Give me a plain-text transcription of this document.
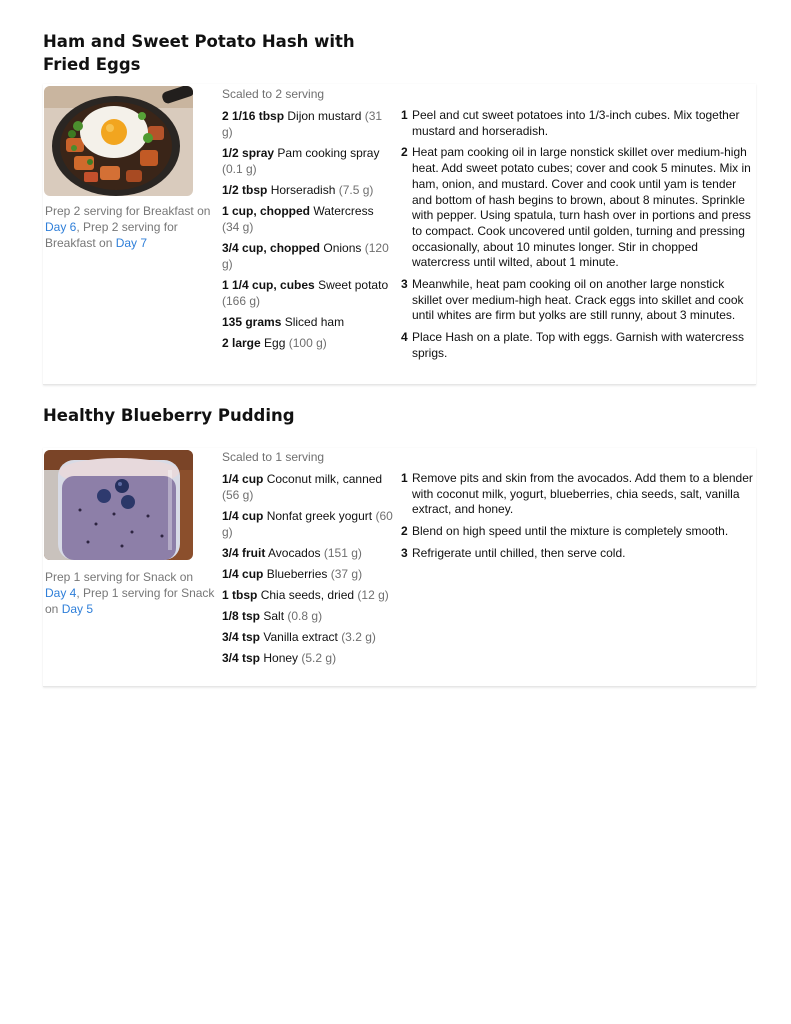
Ham and Sweet Potato Hash with Fried Eggs
Prep 2 serving for Breakfast on Day 6, Prep 2 serving for Breakfast on Day 7
Scaled to 2 serving
2 1/16 tbsp Dijon mustard (31 g)
1/2 spray Pam cooking spray (0.1 g)
1/2 tbsp Horseradish (7.5 g)
1 cup, chopped Watercress (34 g)
3/4 cup, chopped Onions (120 g)
1 1/4 cup, cubes Sweet potato (166 g)
135 grams Sliced ham
2 large Egg (100 g)
1 Peel and cut sweet potatoes into 1/3-inch cubes. Mix together mustard and horseradish.
2 Heat pam cooking oil in large nonstick skillet over medium-high heat. Add sweet potato cubes; cover and cook 5 minutes. Mix in ham, onion, and mustard. Cover and cook until yam is tender and bottom of hash begins to brown, about 8 minutes. Sprinkle with pepper. Using spatula, turn hash over in portions and press to compact. Cook uncovered until golden, turning and pressing occasionally, about 10 minutes longer. Stir in chopped watercress until wilted, about 1 minute.
3 Meanwhile, heat pam cooking oil on another large nonstick skillet over medium-high heat. Crack eggs into skillet and cook until whites are firm but yolks are still runny, about 3 minutes.
4 Place Hash on a plate. Top with eggs. Garnish with watercress sprigs.
Healthy Blueberry Pudding
Prep 1 serving for Snack on Day 4, Prep 1 serving for Snack on Day 5
Scaled to 1 serving
1/4 cup Coconut milk, canned (56 g)
1/4 cup Nonfat greek yogurt (60 g)
3/4 fruit Avocados (151 g)
1/4 cup Blueberries (37 g)
1 tbsp Chia seeds, dried (12 g)
1/8 tsp Salt (0.8 g)
3/4 tsp Vanilla extract (3.2 g)
3/4 tsp Honey (5.2 g)
1 Remove pits and skin from the avocados. Add them to a blender with coconut milk, yogurt, blueberries, chia seeds, salt, vanilla extract, and honey.
2 Blend on high speed until the mixture is completely smooth.
3 Refrigerate until chilled, then serve cold.
